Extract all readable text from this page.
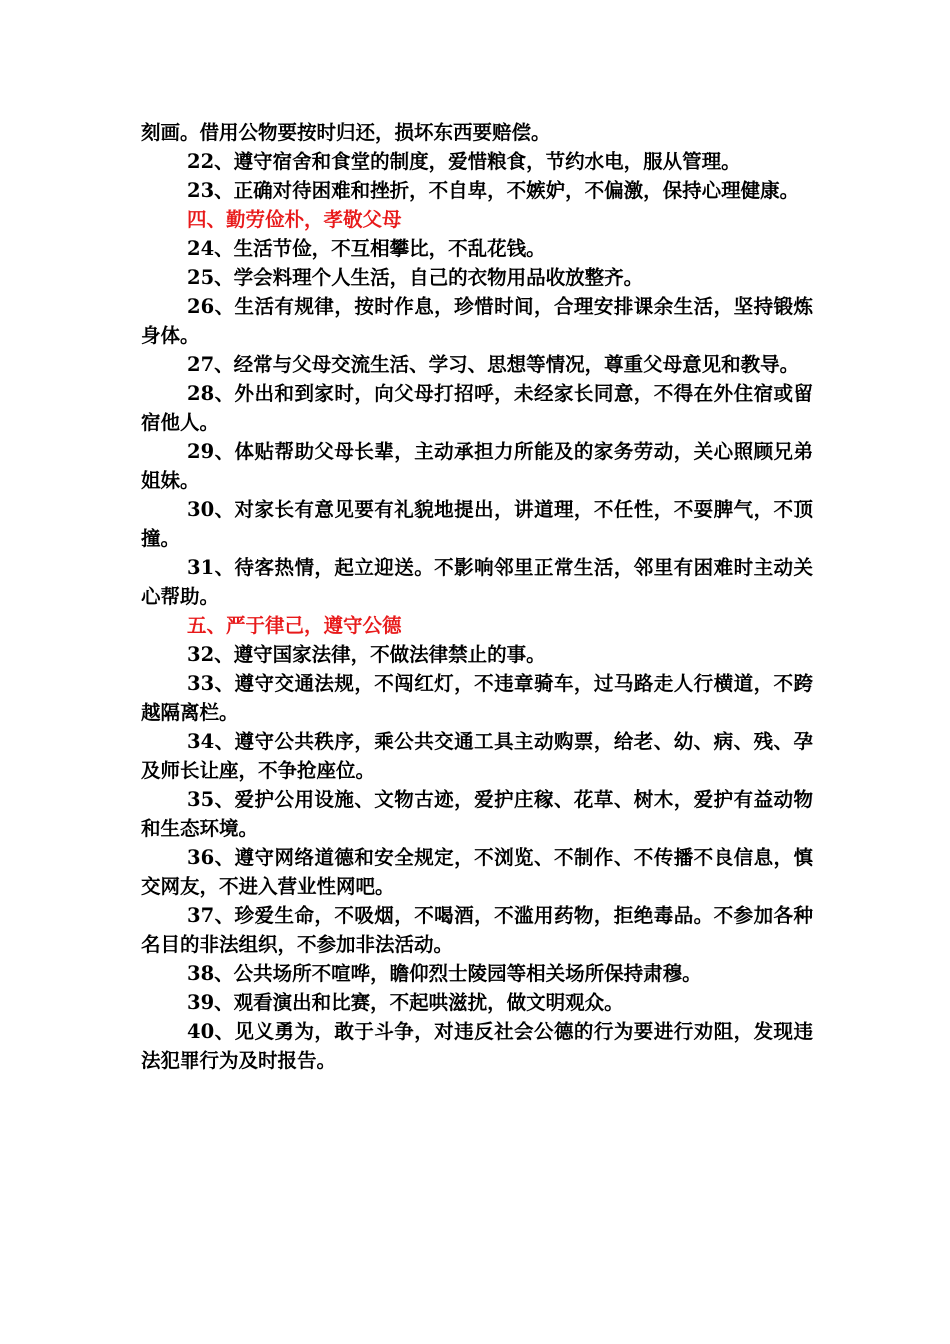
刻画。借用公物要按时归还，损坏东西要赔偿。

22、遵守宿舍和食堂的制度，爱惜粮食，节约水电，服从管理。

23、正确对待困难和挫折，不自卑，不嫉妒，不偏激，保持心理健康。

四、勤劳俭朴，孝敬父母

24、生活节俭，不互相攀比，不乱花钱。

25、学会料理个人生活，自己的衣物用品收放整齐。

26、生活有规律，按时作息，珍惜时间，合理安排课余生活，坚持锻炼身体。

27、经常与父母交流生活、学习、思想等情况，尊重父母意见和教导。

28、外出和到家时，向父母打招呼，未经家长同意，不得在外住宿或留宿他人。

29、体贴帮助父母长辈，主动承担力所能及的家务劳动，关心照顾兄弟姐妹。

30、对家长有意见要有礼貌地提出，讲道理，不任性，不耍脾气，不顶撞。

31、待客热情，起立迎送。不影响邻里正常生活，邻里有困难时主动关心帮助。

五、严于律己，遵守公德

32、遵守国家法律，不做法律禁止的事。

33、遵守交通法规，不闯红灯，不违章骑车，过马路走人行横道，不跨越隔离栏。

34、遵守公共秩序，乘公共交通工具主动购票，给老、幼、病、残、孕及师长让座，不争抢座位。

35、爱护公用设施、文物古迹，爱护庄稼、花草、树木，爱护有益动物和生态环境。

36、遵守网络道德和安全规定，不浏览、不制作、不传播不良信息，慎交网友，不进入营业性网吧。

37、珍爱生命，不吸烟，不喝酒，不滥用药物，拒绝毒品。不参加各种名目的非法组织，不参加非法活动。

38、公共场所不喧哗，瞻仰烈士陵园等相关场所保持肃穆。

39、观看演出和比赛，不起哄滋扰，做文明观众。

40、见义勇为，敢于斗争，对违反社会公德的行为要进行劝阻，发现违法犯罪行为及时报告。
